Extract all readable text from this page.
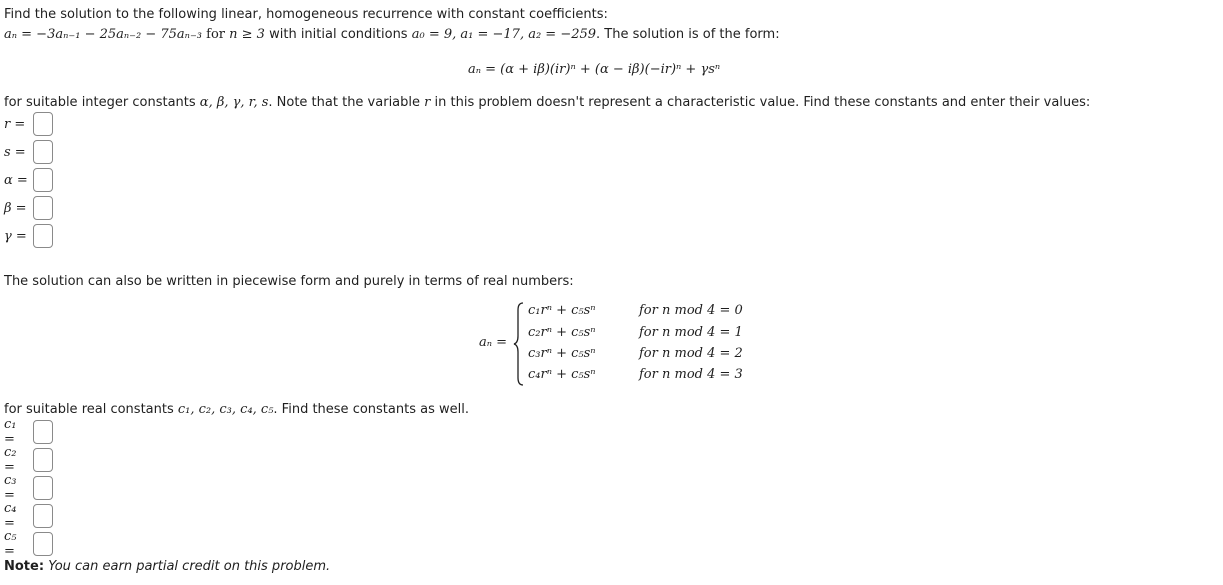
Find the solution to the following linear, homogeneous recurrence with constant coefficients:
aₙ = −3aₙ₋₁ − 25aₙ₋₂ − 75aₙ₋₃ for n ≥ 3 with initial conditions a₀ = 9, a₁ = −17, a₂ = −259. The solution is of the form:
aₙ = (α + iβ)(ir)ⁿ + (α − iβ)(−ir)ⁿ + γsⁿ
for suitable integer constants α, β, γ, r, s. Note that the variable r in this problem doesn't represent a characteristic value. Find these constants and enter their values:
r =
s =
α =
β =
γ =
The solution can also be written in piecewise form and purely in terms of real numbers:
aₙ =
c₁rⁿ + c₅sⁿ	for n mod 4 = 0
c₂rⁿ + c₅sⁿ	for n mod 4 = 1
c₃rⁿ + c₅sⁿ	for n mod 4 = 2
c₄rⁿ + c₅sⁿ	for n mod 4 = 3
for suitable real constants c₁, c₂, c₃, c₄, c₅. Find these constants as well.
c₁ =
c₂ =
c₃ =
c₄ =
c₅ =
Note: You can earn partial credit on this problem.
